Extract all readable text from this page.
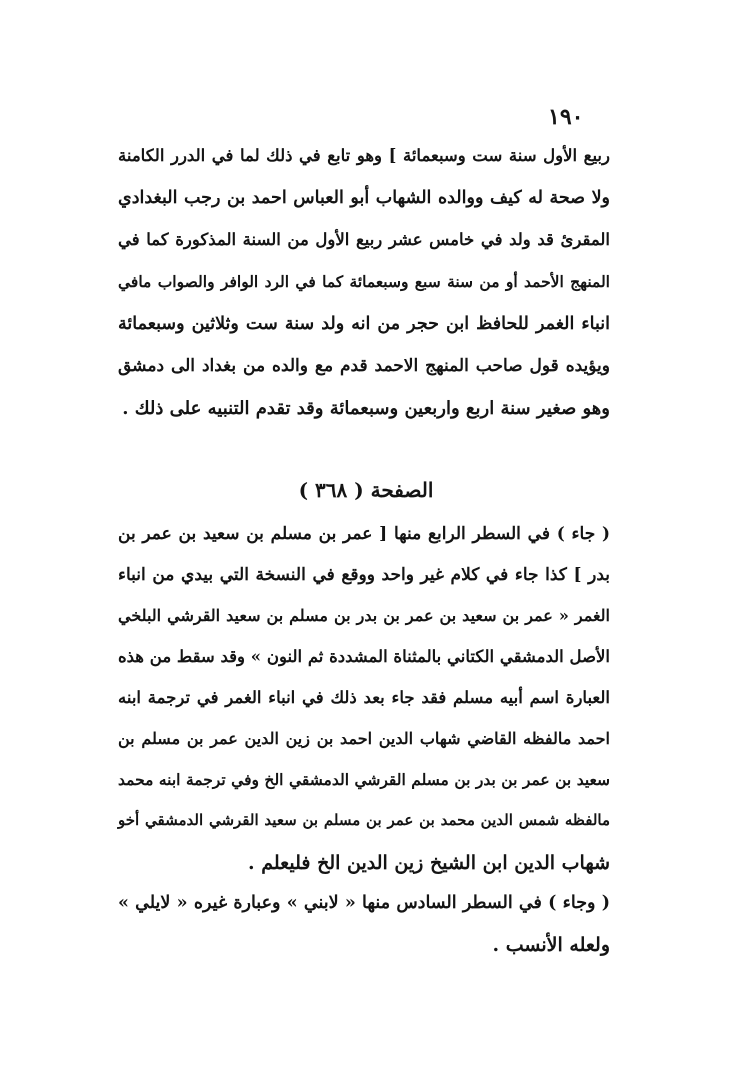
١٩٠
ربيع الأول سنة ست وسبعمائة ] وهو تابع في ذلك لما في الدرر الكامنة
ولا صحة له كيف ووالده الشهاب أبو العباس احمد بن رجب البغدادي
المقرئ قد ولد في خامس عشر ربيع الأول من السنة المذكورة كما في
المنهج الأحمد أو من سنة سبع وسبعمائة كما في الرد الوافر والصواب مافي
انباء الغمر للحافظ ابن حجر من انه ولد سنة ست وثلاثين وسبعمائة
ويؤيده قول صاحب المنهج الاحمد قدم مع والده من بغداد الى دمشق
وهو صغير سنة اربع واربعين وسبعمائة وقد تقدم التنبيه على ذلك .
الصفحة ( ٣٦٨ )
( جاء ) في السطر الرابع منها [ عمر بن مسلم بن سعيد بن عمر بن
بدر ] كذا جاء في كلام غير واحد ووقع في النسخة التي بيدي من انباء
الغمر « عمر بن سعيد بن عمر بن بدر بن مسلم بن سعيد القرشي البلخي
الأصل الدمشقي الكتاني بالمثناة المشددة ثم النون » وقد سقط من هذه
العبارة اسم أبيه مسلم فقد جاء بعد ذلك في انباء الغمر في ترجمة ابنه
احمد مالفظه القاضي شهاب الدين احمد بن زين الدين عمر بن مسلم بن
سعيد بن عمر بن بدر بن مسلم القرشي الدمشقي الخ وفي ترجمة ابنه محمد
مالفظه شمس الدين محمد بن عمر بن مسلم بن سعيد القرشي الدمشقي أخو
شهاب الدين ابن الشيخ زين الدين الخ فليعلم .
( وجاء ) في السطر السادس منها « لابني » وعبارة غيره « لايلي »
ولعله الأنسب .
